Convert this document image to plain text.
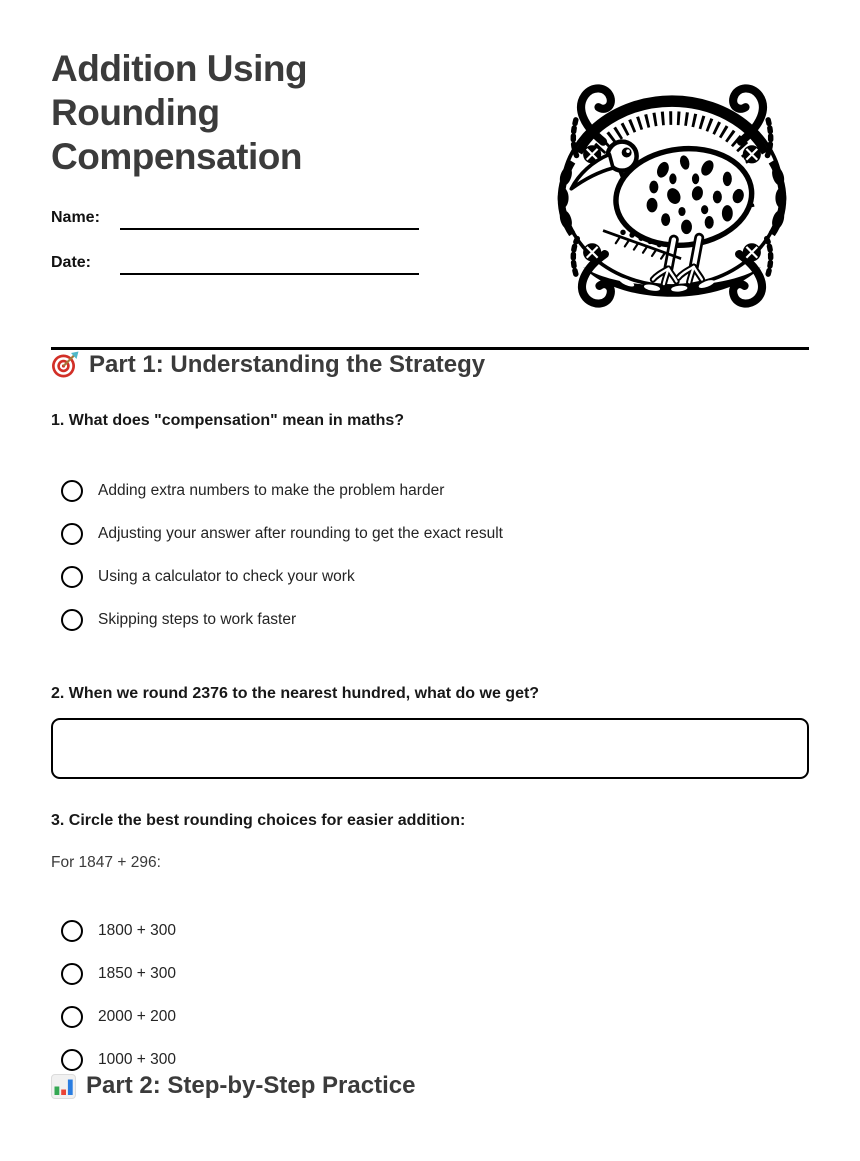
Addition Using Rounding Compensation
Name:
Date:
Part 1: Understanding the Strategy
1. What does "compensation" mean in maths?
Adding extra numbers to make the problem harder
Adjusting your answer after rounding to get the exact result
Using a calculator to check your work
Skipping steps to work faster
2. When we round 2376 to the nearest hundred, what do we get?
3. Circle the best rounding choices for easier addition:
For 1847 + 296:
1800 + 300
1850 + 300
2000 + 200
1000 + 300
Part 2: Step-by-Step Practice
